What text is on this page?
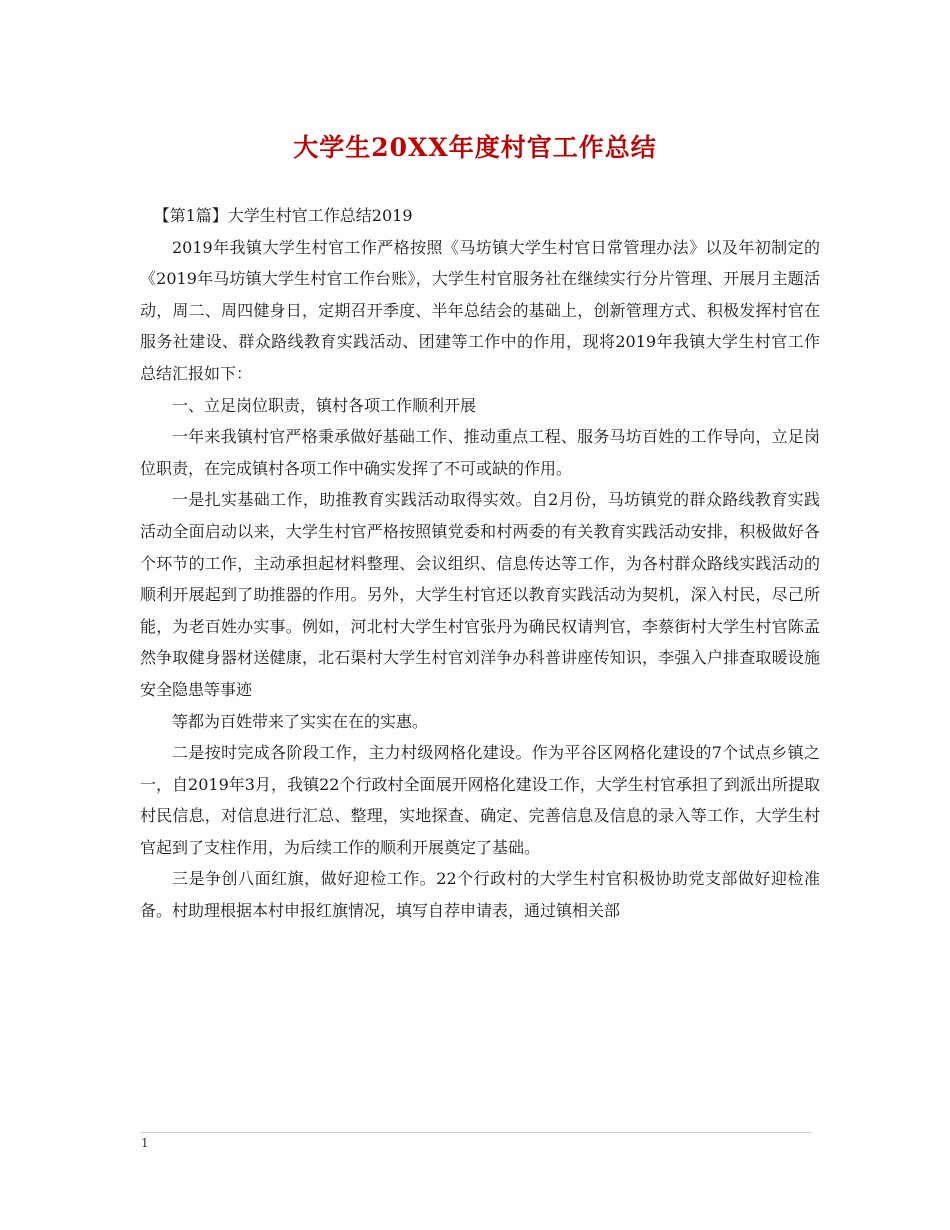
大学生20XX年度村官工作总结

【第1篇】大学生村官工作总结2019

2019年我镇大学生村官工作严格按照《马坊镇大学生村官日常管理办法》以及年初制定的《2019年马坊镇大学生村官工作台账》，大学生村官服务社在继续实行分片管理、开展月主题活动，周二、周四健身日，定期召开季度、半年总结会的基础上，创新管理方式、积极发挥村官在服务社建设、群众路线教育实践活动、团建等工作中的作用，现将2019年我镇大学生村官工作总结汇报如下：

一、立足岗位职责，镇村各项工作顺利开展

一年来我镇村官严格秉承做好基础工作、推动重点工程、服务马坊百姓的工作导向，立足岗位职责，在完成镇村各项工作中确实发挥了不可或缺的作用。

一是扎实基础工作，助推教育实践活动取得实效。自2月份，马坊镇党的群众路线教育实践活动全面启动以来，大学生村官严格按照镇党委和村两委的有关教育实践活动安排，积极做好各个环节的工作，主动承担起材料整理、会议组织、信息传达等工作，为各村群众路线实践活动的顺利开展起到了助推器的作用。另外，大学生村官还以教育实践活动为契机，深入村民，尽己所能，为老百姓办实事。例如，河北村大学生村官张丹为确民权请判官，李蔡街村大学生村官陈孟然争取健身器材送健康，北石渠村大学生村官刘洋争办科普讲座传知识，李强入户排查取暖设施安全隐患等事迹

等都为百姓带来了实实在在的实惠。

二是按时完成各阶段工作，主力村级网格化建设。作为平谷区网格化建设的7个试点乡镇之一，自2019年3月，我镇22个行政村全面展开网格化建设工作，大学生村官承担了到派出所提取村民信息，对信息进行汇总、整理，实地探查、确定、完善信息及信息的录入等工作，大学生村官起到了支柱作用，为后续工作的顺利开展奠定了基础。

三是争创八面红旗，做好迎检工作。22个行政村的大学生村官积极协助党支部做好迎检准备。村助理根据本村申报红旗情况，填写自荐申请表，通过镇相关部

1
